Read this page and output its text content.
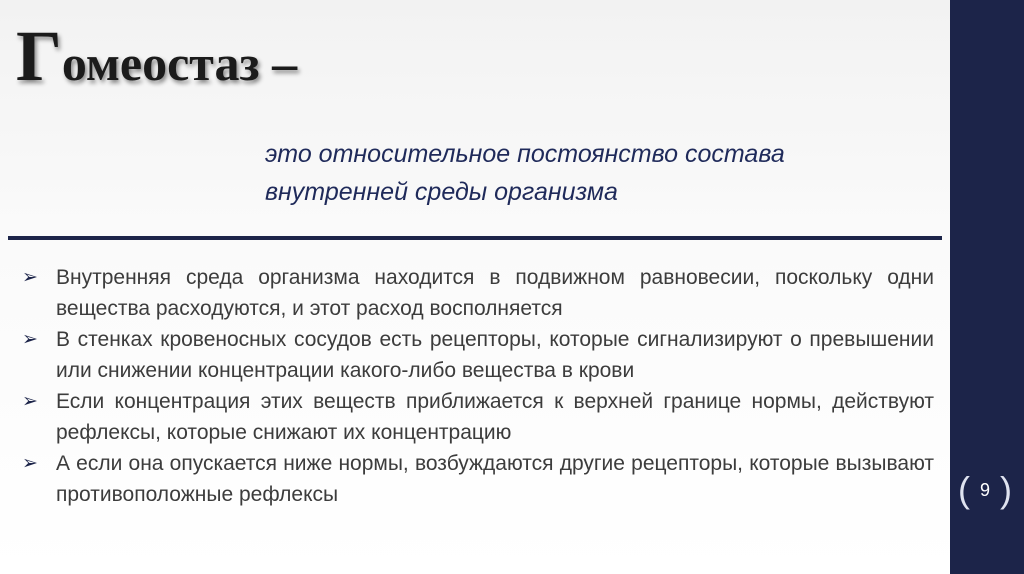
Гомеостаз –
это относительное постоянство состава
внутренней среды организма
➢ Внутренняя среда организма находится в подвижном равновесии, поскольку одни вещества расходуются, и этот расход восполняется
➢ В стенках кровеносных сосудов есть рецепторы, которые сигнализируют о превышении или снижении концентрации какого-либо вещества в крови
➢ Если концентрация этих веществ приближается к верхней границе нормы, действуют рефлексы, которые снижают их концентрацию
➢ А если она опускается ниже нормы, возбуждаются другие рецепторы, которые вызывают противоположные рефлексы	( 9 )
